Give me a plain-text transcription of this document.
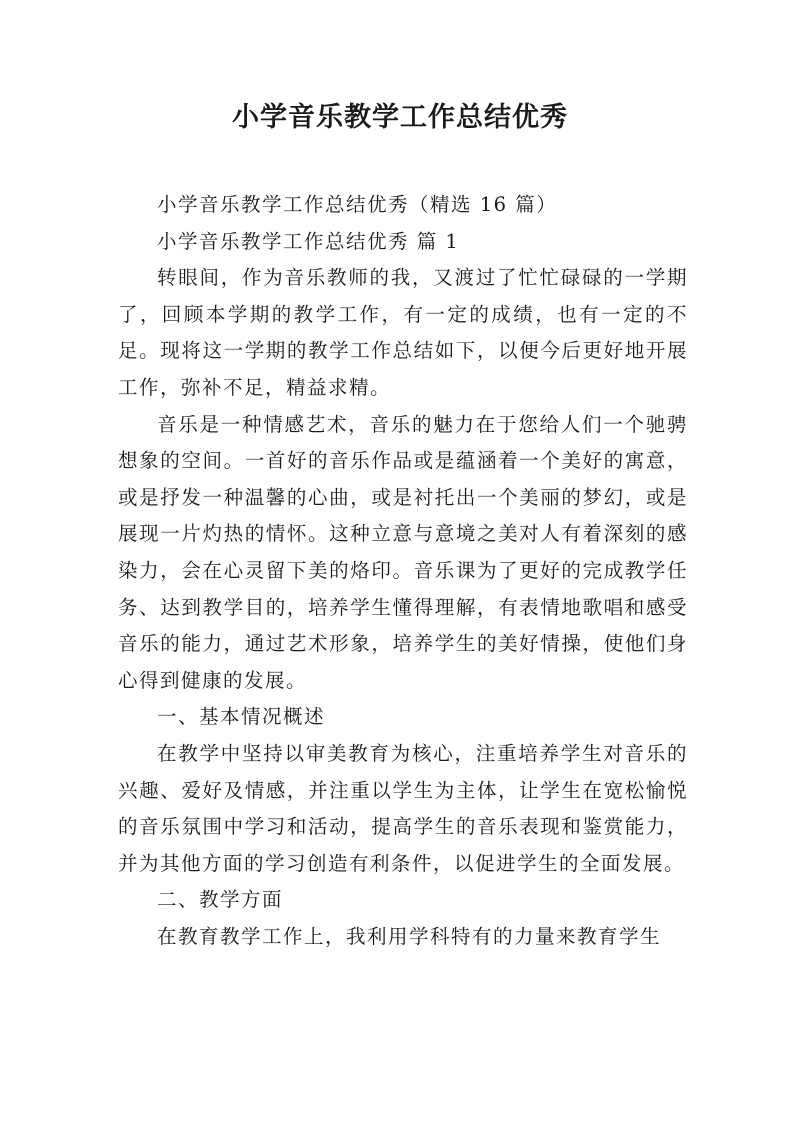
小学音乐教学工作总结优秀

小学音乐教学工作总结优秀（精选 16 篇）

小学音乐教学工作总结优秀 篇 1

转眼间，作为音乐教师的我，又渡过了忙忙碌碌的一学期了，回顾本学期的教学工作，有一定的成绩，也有一定的不足。现将这一学期的教学工作总结如下，以便今后更好地开展工作，弥补不足，精益求精。

音乐是一种情感艺术，音乐的魅力在于您给人们一个驰骋想象的空间。一首好的音乐作品或是蕴涵着一个美好的寓意，或是抒发一种温馨的心曲，或是衬托出一个美丽的梦幻，或是展现一片灼热的情怀。这种立意与意境之美对人有着深刻的感染力，会在心灵留下美的烙印。音乐课为了更好的完成教学任务、达到教学目的，培养学生懂得理解，有表情地歌唱和感受音乐的能力，通过艺术形象，培养学生的美好情操，使他们身心得到健康的发展。

一、基本情况概述

在教学中坚持以审美教育为核心，注重培养学生对音乐的兴趣、爱好及情感，并注重以学生为主体，让学生在宽松愉悦的音乐氛围中学习和活动，提高学生的音乐表现和鉴赏能力，并为其他方面的学习创造有利条件，以促进学生的全面发展。

二、教学方面

在教育教学工作上，我利用学科特有的力量来教育学生
